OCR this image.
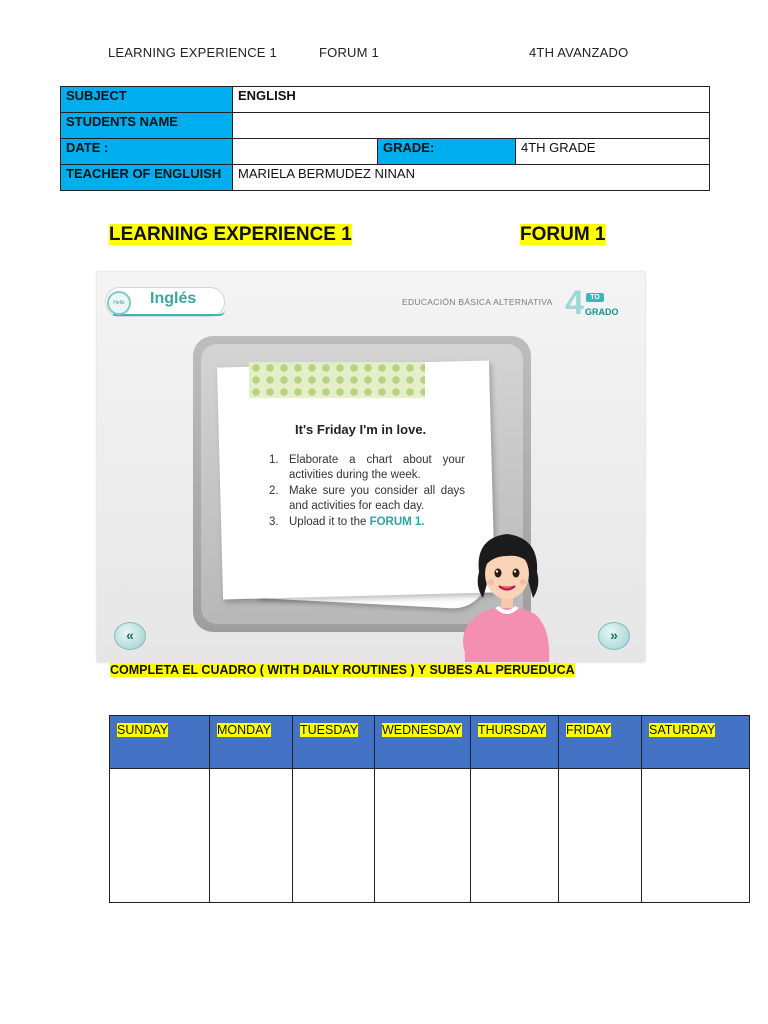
LEARNING EXPERIENCE 1	FORUM 1	4TH AVANZADO
SUBJECT	ENGLISH		
STUDENTS NAME			
DATE :		GRADE:	4TH GRADE
TEACHER OF ENGLUISH	MARIELA BERMUDEZ NINAN		
LEARNING EXPERIENCE 1	FORUM 1
Hello	Inglés	EDUCACIÓN BÁSICA ALTERNATIVA 4 TO
GRADO
It's Friday I'm in love.
1. Elaborate a chart about your activities during the week.
2. Make sure you consider all days and activities for each day.
3. Upload it to the FORUM 1.
«	»
COMPLETA EL CUADRO ( WITH DAILY ROUTINES ) Y SUBES AL PERUEDUCA
SUNDAY	MONDAY	TUESDAY	WEDNESDAY	THURSDAY	FRIDAY	SATURDAY
